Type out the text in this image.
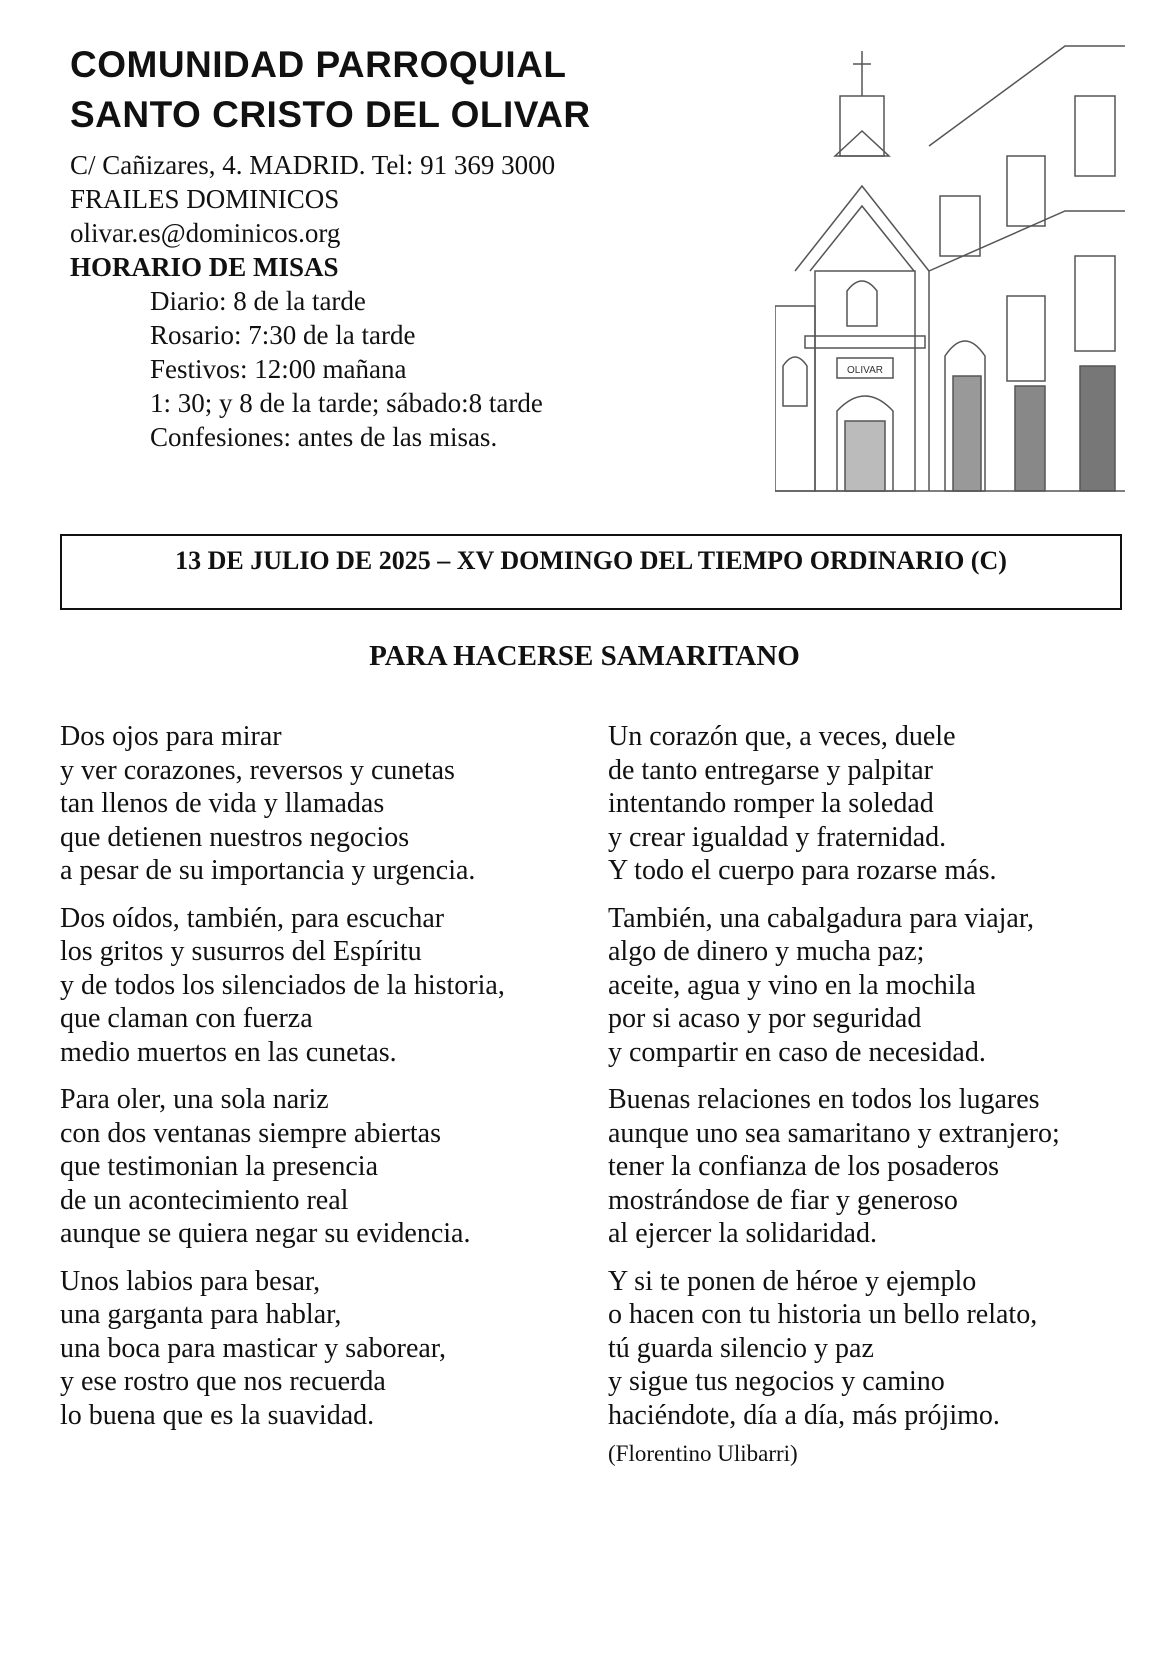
COMUNIDAD PARROQUIAL
SANTO CRISTO DEL OLIVAR
C/ Cañizares, 4. MADRID. Tel: 91 369 3000
FRAILES DOMINICOS
olivar.es@dominicos.org
HORARIO DE MISAS
Diario: 8 de la tarde
Rosario: 7:30 de la tarde
Festivos: 12:00 mañana
1: 30; y 8 de la tarde; sábado:8 tarde
Confesiones: antes de las misas.
OLIVAR
13 DE JULIO DE 2025 – XV DOMINGO DEL TIEMPO ORDINARIO (C)
PARA HACERSE SAMARITANO
Dos ojos para mirar
y ver corazones, reversos y cunetas
tan llenos de vida y llamadas
que detienen nuestros negocios
a pesar de su importancia y urgencia.
Dos oídos, también, para escuchar
los gritos y susurros del Espíritu
y de todos los silenciados de la historia,
que claman con fuerza
medio muertos en las cunetas.
Para oler, una sola nariz
con dos ventanas siempre abiertas
que testimonian la presencia
de un acontecimiento real
aunque se quiera negar su evidencia.
Unos labios para besar,
una garganta para hablar,
una boca para masticar y saborear,
y ese rostro que nos recuerda
lo buena que es la suavidad.
Un corazón que, a veces, duele
de tanto entregarse y palpitar
intentando romper la soledad
y crear igualdad y fraternidad.
Y todo el cuerpo para rozarse más.
También, una cabalgadura para viajar,
algo de dinero y mucha paz;
aceite, agua y vino en la mochila
por si acaso y por seguridad
y compartir en caso de necesidad.
Buenas relaciones en todos los lugares
aunque uno sea samaritano y extranjero;
tener la confianza de los posaderos
mostrándose de fiar y generoso
al ejercer la solidaridad.
Y si te ponen de héroe y ejemplo
o hacen con tu historia un bello relato,
tú guarda silencio y paz
y sigue tus negocios y camino
haciéndote, día a día, más prójimo.
(Florentino Ulibarri)
